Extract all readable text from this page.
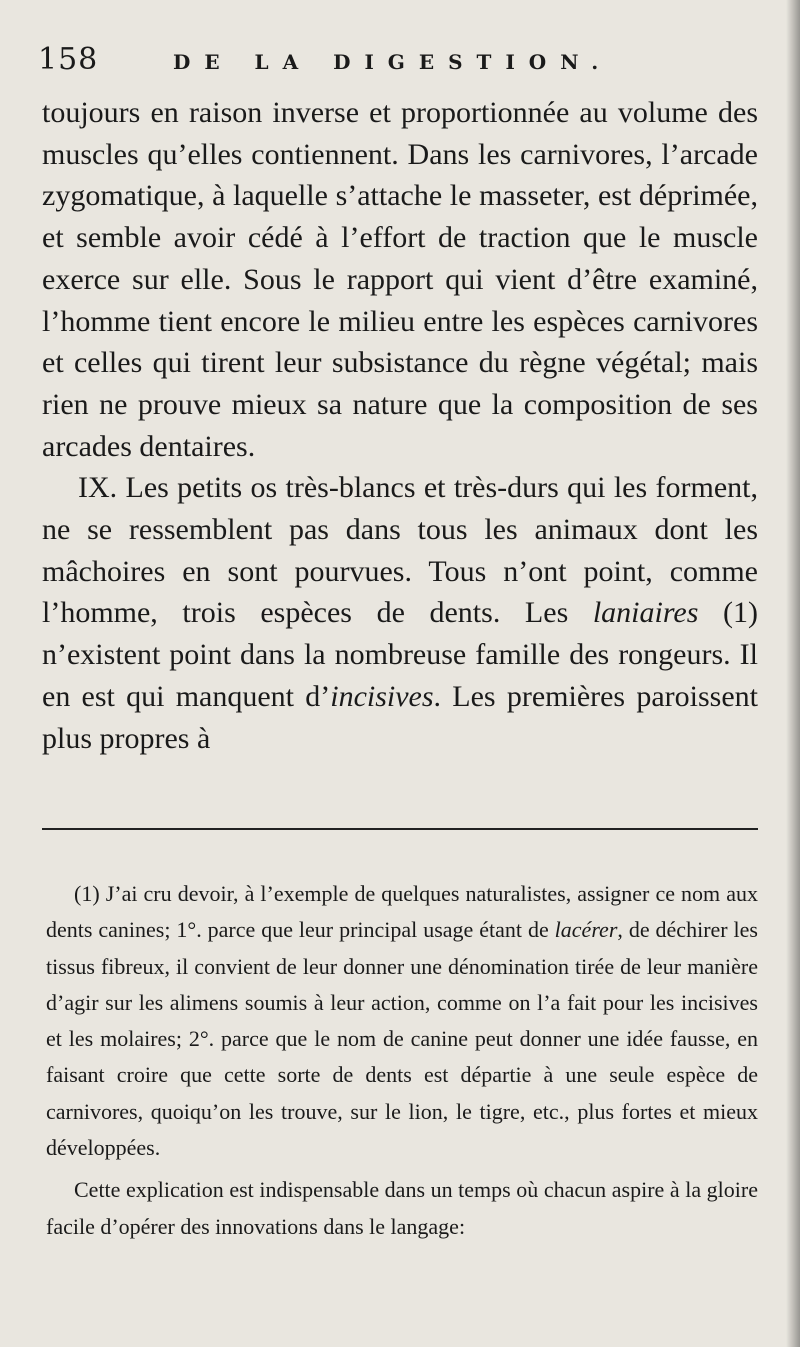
158	DE LA DIGESTION.

toujours en raison inverse et proportionnée au volume des muscles qu’elles contiennent. Dans les carnivores, l’arcade zygomatique, à laquelle s’attache le masseter, est déprimée, et semble avoir cédé à l’effort de traction que le muscle exerce sur elle. Sous le rapport qui vient d’être examiné, l’homme tient encore le milieu entre les espèces carnivores et celles qui tirent leur subsistance du règne végétal; mais rien ne prouve mieux sa nature que la composition de ses arcades dentaires.

IX. Les petits os très-blancs et très-durs qui les forment, ne se ressemblent pas dans tous les animaux dont les mâchoires en sont pourvues. Tous n’ont point, comme l’homme, trois espèces de dents. Les laniaires (1) n’existent point dans la nombreuse famille des rongeurs. Il en est qui manquent d’incisives. Les premières paroissent plus propres à

(1) J’ai cru devoir, à l’exemple de quelques naturalistes, assigner ce nom aux dents canines; 1°. parce que leur principal usage étant de lacérer, de déchirer les tissus fibreux, il convient de leur donner une dénomination tirée de leur manière d’agir sur les alimens soumis à leur action, comme on l’a fait pour les incisives et les molaires; 2°. parce que le nom de canine peut donner une idée fausse, en faisant croire que cette sorte de dents est départie à une seule espèce de carnivores, quoiqu’on les trouve, sur le lion, le tigre, etc., plus fortes et mieux développées.

Cette explication est indispensable dans un temps où chacun aspire à la gloire facile d’opérer des innovations dans le langage:
